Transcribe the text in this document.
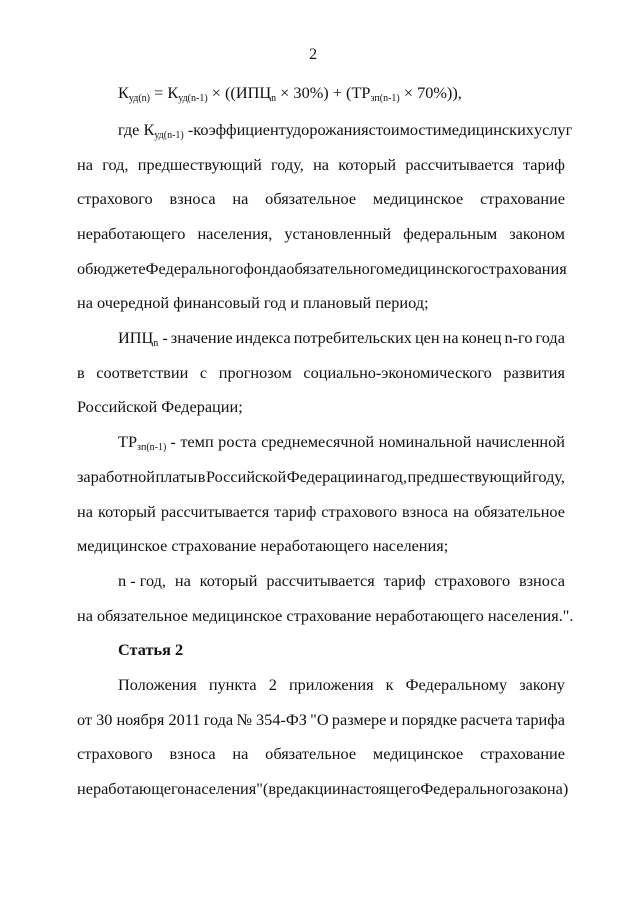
2
$К_{уд(n)} = К_{уд(n-1)} \times ((ИПЦ_n \times 30\%) + (ТР_{зп(n-1)} \times 70\%))$,
где $К_{уд(n-1)}$ - коэффициент удорожания стоимости медицинских услуг
на год, предшествующий году, на который рассчитывается тариф
страхового взноса на обязательное медицинское страхование
неработающего населения, установленный федеральным законом
о бюджете Федерального фонда обязательного медицинского страхования
на очередной финансовый год и плановый период;
$ИПЦ_n$ - значение индекса потребительских цен на конец n-го года
в соответствии с прогнозом социально-экономического развития
Российской Федерации;
$ТР_{зп(n-1)}$ - темп роста среднемесячной номинальной начисленной
заработной платы в Российской Федерации на год, предшествующий году,
на который рассчитывается тариф страхового взноса на обязательное
медицинское страхование неработающего населения;
n - год, на который рассчитывается тариф страхового взноса
на обязательное медицинское страхование неработающего населения.".
Статья 2
Положения пункта 2 приложения к Федеральному закону
от 30 ноября 2011 года № 354-ФЗ "О размере и порядке расчета тарифа
страхового взноса на обязательное медицинское страхование
неработающего населения" (в редакции настоящего Федерального закона)
